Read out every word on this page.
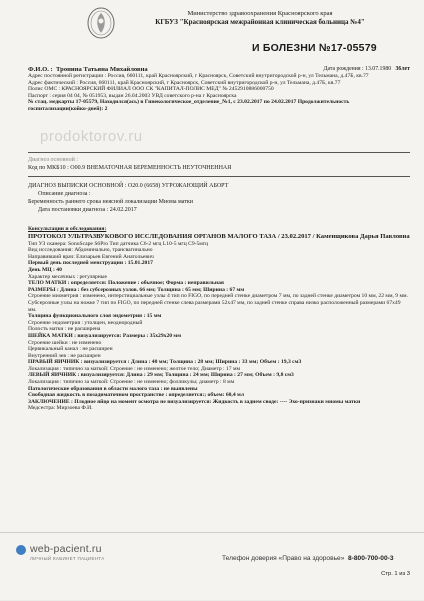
Министерство здравоохранения Красноярского края
КГБУЗ "Красноярская межрайонная клиническая больница №4"
И БОЛЕЗНИ №17-05579
Ф.И.О. : Тронина Татьяна Михайловна	Дата рождения : 13.07.1980 36лет
Адрес постоянной регистрации : Россия, 660111, край Красноярский, г Красноярск, Советский внутригородской р-н, ул Тельмана, д.47Б, кв.77
Адрес фактический : Россия, 660111, край Красноярский, г Красноярск, Советский внутригородской р-н, ул Тельмана, д.47Б, кв.77
Полис ОМС : КРАСНОЯРСКИЙ ФИЛИАЛ ООО СК "КАПИТАЛ-ПОЛИС МЕД" № 2452910886000750
Паспорт : серия 04 04, № 051953, выдан 26.04.2003 УВД советского р-на г Красноярска
№ стац. медкарты 17-05579, Находился(ась) в Гинекологическое_отделение_№1, с 23.02.2017 по 24.02.2017 Продолжительность госпитализации(койко-дней): 2
prodoktorov.ru
Диагноз основной :
Код по МКБ10 : О00.9 ВНЕМАТОЧНАЯ БЕРЕМЕННОСТЬ НЕУТОЧНЕННАЯ
ДИАГНОЗ ВЫПИСКИ ОСНОВНОЙ : О20.0 (6658) УГРОЖАЮЩИЙ АБОРТ
Описание диагноза :
Беременность раннего срока неясной локализации Миома матки
Дата постановки диагноза : 24.02.2017
Консультации и обследования:
ПРОТОКОЛ УЛЬТРАЗВУКОВОГО ИССЛЕДОВАНИЯ ОРГАНОВ МАЛОГО ТАЗА / 23.02.2017 / Каменщикова Дарья Павловна
Тип УЗ сканера: SonoScape S6Pro Тип датчика С6-2 мгц L10-5 мгц С9-5мгц
Вид исследования: Абдоминально, трансвагинально
Направивший врач: Елизарьев Евгений Анатольевич
Первый день последней менструации : 15.01.2017
День МЦ : 40
Характер месячных : регулярные
ТЕЛО МАТКИ : определяется: Положение : обычное; Форма : неправильная
РАЗМЕРЫ : Длина : без субсерозных узлов. 66 мм; Толщина : 65 мм; Ширина : 67 мм
Строение миометрия : изменено, интерстициальные узлы 4 тип по FIGO, по передней стенке диаметром 7 мм, по задней стенке диаметром 10 мм, 22 мм, 9 мм. Субсерозные узлы на ножке 7 тип по FIGO, по передней стенке слева размерами 52х47 мм, по задней стенке справа низко расположенный размерами 67х49 мм.
Толщина функционального слоя эндометрия : 15 мм
Строение эндометрия : утолщен, неоднородный
Полость матки : не расширена
ШЕЙКА МАТКИ : визуализируется: Размеры : 35х29х20 мм
Строение шейки : не изменено
Цервикальный канал : не расширен
Внутренний зев : не расширен
ПРАВЫЙ ЯИЧНИК : визуализируется : Длина : 40 мм; Толщина : 28 мм; Ширина : 33 мм; Объем : 19,3 см3
Локализация : типично за маткой: Строение : не изменено; желтое тело; Диаметр : 17 мм
ЛЕВЫЙ ЯИЧНИК : визуализируется: Длина : 29 мм; Толщина : 24 мм; Ширина : 27 мм; Объем : 9,8 см3
Локализация : типично за маткой: Строение : не изменено; фолликулы; диаметр : 8 мм
Патологические образования в области малого таза : не выявлены
Свободная жидкость в позадиматочном пространстве : определяется:; объем: 60,4 мл
ЗАКЛЮЧЕНИЕ : Плодное яйцо на момент осмотра не визуализируется: Жидкость в заднем своде: ---- Эхо-признаки миомы матки
Медсестра: Мирзоева Ф.И.
web-pacient.ru
ЛИЧНЫЙ КАБИНЕТ ПАЦИЕНТА	Телефон доверия «Право на здоровье» 8-800-700-00-3
Стр. 1 из 3
